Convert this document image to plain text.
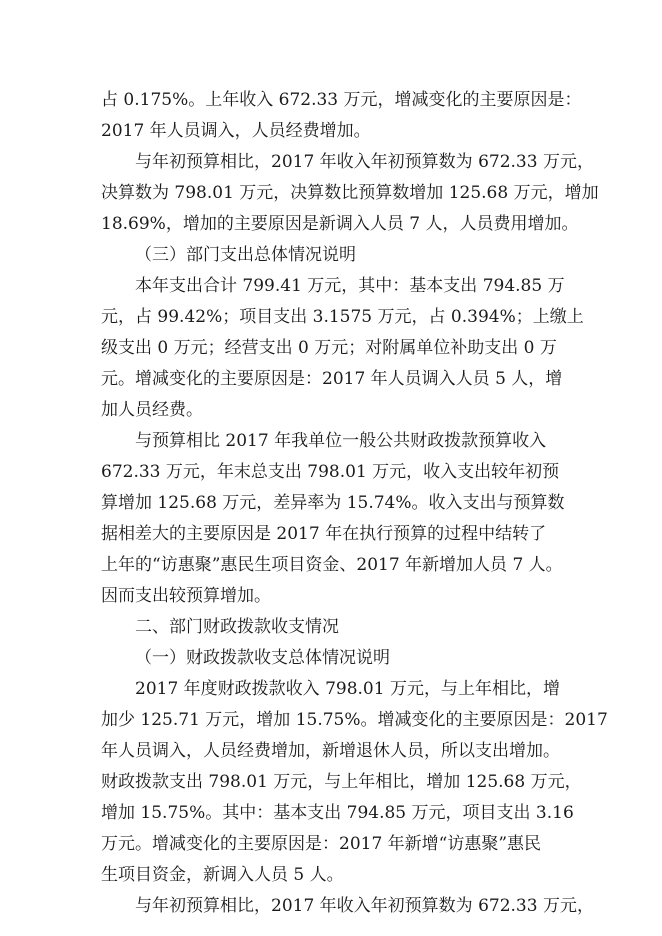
占 0.175%。上年收入 672.33 万元，增减变化的主要原因是：
2017 年人员调入，人员经费增加。
与年初预算相比，2017 年收入年初预算数为 672.33 万元，
决算数为 798.01 万元，决算数比预算数增加 125.68 万元，增加
18.69%，增加的主要原因是新调入人员 7 人，人员费用增加。
（三）部门支出总体情况说明
本年支出合计 799.41 万元，其中：基本支出 794.85 万
元，占 99.42%；项目支出 3.1575 万元，占 0.394%；上缴上
级支出 0 万元；经营支出 0 万元；对附属单位补助支出 0 万
元。增减变化的主要原因是：2017 年人员调入人员 5 人，增
加人员经费。
与预算相比 2017 年我单位一般公共财政拨款预算收入
672.33 万元，年末总支出 798.01 万元，收入支出较年初预
算增加 125.68 万元，差异率为 15.74%。收入支出与预算数
据相差大的主要原因是 2017 年在执行预算的过程中结转了
上年的“访惠聚”惠民生项目资金、2017 年新增加人员 7 人。
因而支出较预算增加。
二、部门财政拨款收支情况
（一）财政拨款收支总体情况说明
2017 年度财政拨款收入 798.01 万元，与上年相比，增
加少 125.71 万元，增加 15.75%。增减变化的主要原因是：2017
年人员调入，人员经费增加，新增退休人员，所以支出增加。
财政拨款支出 798.01 万元，与上年相比，增加 125.68 万元，
增加 15.75%。其中：基本支出 794.85 万元，项目支出 3.16
万元。增减变化的主要原因是：2017 年新增“访惠聚”惠民
生项目资金，新调入人员 5 人。
与年初预算相比，2017 年收入年初预算数为 672.33 万元，
